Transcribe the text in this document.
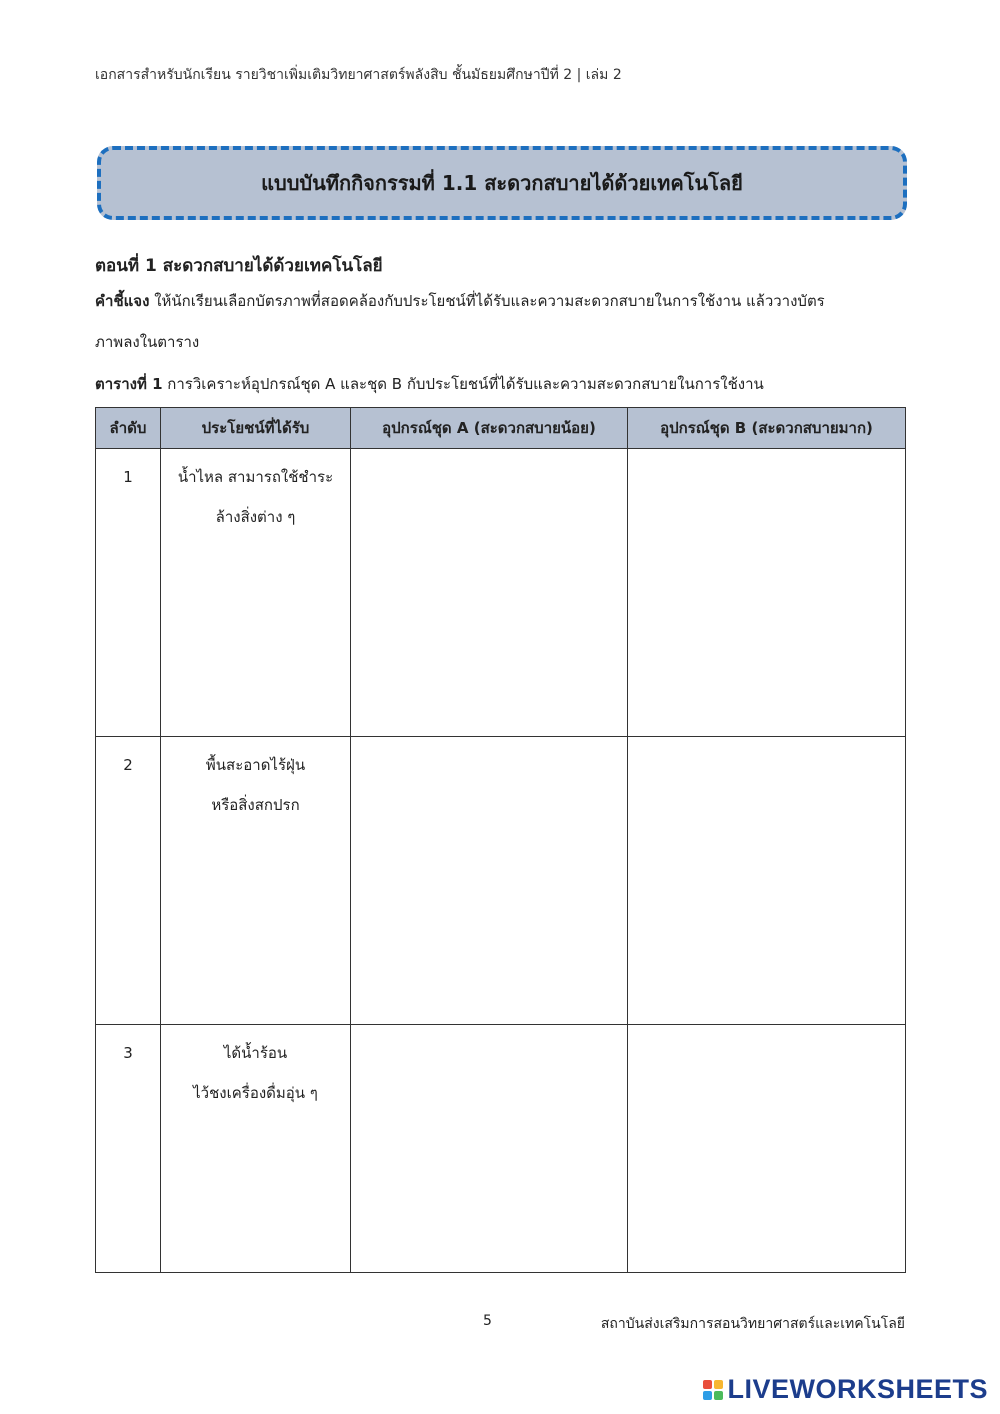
เอกสารสำหรับนักเรียน รายวิชาเพิ่มเติมวิทยาศาสตร์พลังสิบ ชั้นมัธยมศึกษาปีที่ 2 | เล่ม 2
แบบบันทึกกิจกรรมที่ 1.1 สะดวกสบายได้ด้วยเทคโนโลยี
ตอนที่ 1 สะดวกสบายได้ด้วยเทคโนโลยี
คำชี้แจง ให้นักเรียนเลือกบัตรภาพที่สอดคล้องกับประโยชน์ที่ได้รับและความสะดวกสบายในการใช้งาน แล้ววางบัตร
ภาพลงในตาราง
ตารางที่ 1 การวิเคราะห์อุปกรณ์ชุด A และชุด B กับประโยชน์ที่ได้รับและความสะดวกสบายในการใช้งาน
ลำดับ	ประโยชน์ที่ได้รับ	อุปกรณ์ชุด A (สะดวกสบายน้อย)	อุปกรณ์ชุด B (สะดวกสบายมาก)
1	น้ำไหล สามารถใช้ชำระ
ล้างสิ่งต่าง ๆ		

2	พื้นสะอาดไร้ฝุ่น
หรือสิ่งสกปรก		

3	ได้น้ำร้อน
ไว้ชงเครื่องดื่มอุ่น ๆ		

5	สถาบันส่งเสริมการสอนวิทยาศาสตร์และเทคโนโลยี
LIVEWORKSHEETS
